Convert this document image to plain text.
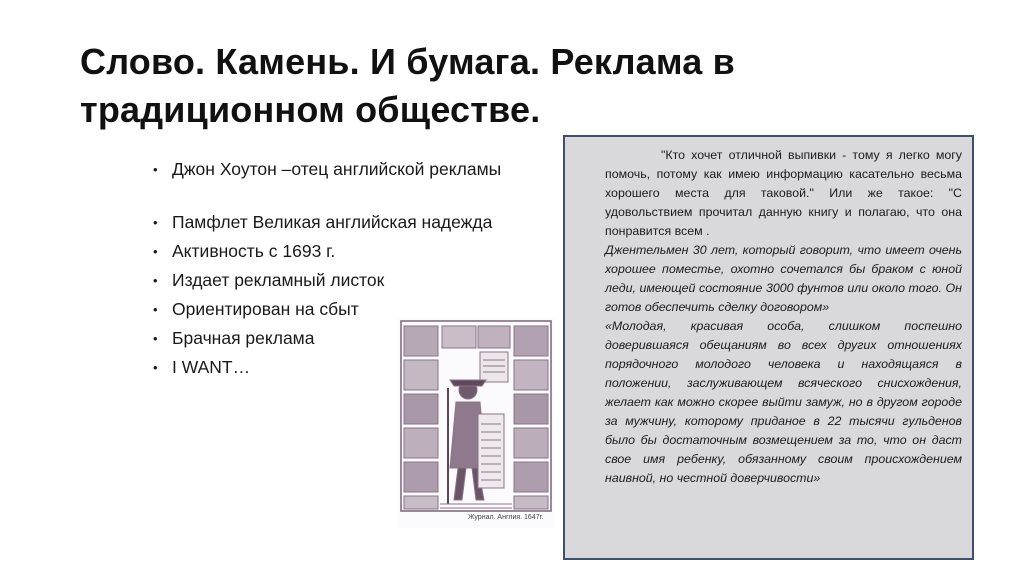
Слово. Камень. И бумага. Реклама в традиционном обществе.
• Джон Хоутон –отец английской рекламы
• Памфлет Великая английская надежда
• Активность с 1693 г.
• Издает рекламный листок
• Ориентирован на сбыт
• Брачная реклама
• I WANT…
Журнал. Англия. 1647г.

"Кто хочет отличной выпивки - тому я легко могу помочь, потому как имею информацию касательно весьма хорошего места для таковой." Или же такое: "С удовольствием прочитал данную книгу и полагаю, что она понравится всем .

Джентельмен 30 лет, который говорит, что имеет очень хорошее поместье, охотно сочетался бы браком с юной леди, имеющей состояние 3000 фунтов или около того. Он готов обеспечить сделку договором»

«Молодая, красивая особа, слишком поспешно доверившаяся обещаниям во всех других отношениях порядочного молодого человека и находящаяся в положении, заслуживающем всяческого снисхождения, желает как можно скорее выйти замуж, но в другом городе за мужчину, которому приданое в 22 тысячи гульденов было бы достаточным возмещением за то, что он даст свое имя ребенку, обязанному своим происхождением наивной, но честной доверчивости»
